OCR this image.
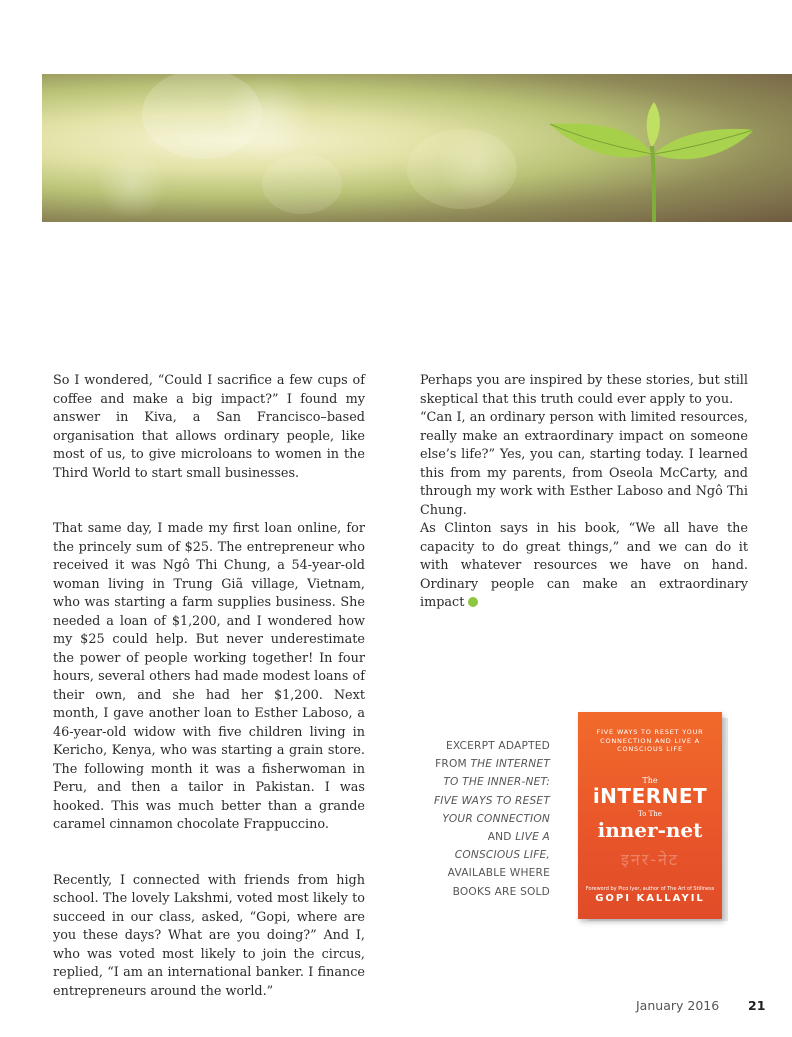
So I wondered, “Could I sacrifice a few cups of coffee and make a big impact?” I found my answer in Kiva, a San Francisco–based organisation that allows ordinary people, like most of us, to give microloans to women in the Third World to start small businesses.

That same day, I made my first loan online, for the princely sum of $25. The entrepreneur who received it was Ngô Thi Chung, a 54-year-old woman living in Trung Giã village, Vietnam, who was starting a farm supplies business. She needed a loan of $1,200, and I wondered how my $25 could help. But never underestimate the power of people working together! In four hours, several others had made modest loans of their own, and she had her $1,200. Next month, I gave another loan to Esther Laboso, a 46-year-old widow with five children living in Kericho, Kenya, who was starting a grain store. The following month it was a fisherwoman in Peru, and then a tailor in Pakistan. I was hooked. This was much better than a grande caramel cinnamon chocolate Frappuccino.

Recently, I connected with friends from high school. The lovely Lakshmi, voted most likely to succeed in our class, asked, “Gopi, where are you these days? What are you doing?” And I, who was voted most likely to join the circus, replied, “I am an international banker. I finance entrepreneurs around the world.”

Perhaps you are inspired by these stories, but still skeptical that this truth could ever apply to you.

“Can I, an ordinary person with limited resources, really make an extraordinary impact on someone else’s life?” Yes, you can, starting today. I learned this from my parents, from Oseola McCarty, and through my work with Esther Laboso and Ngô Thi Chung.

As Clinton says in his book, “We all have the capacity to do great things,” and we can do it with whatever resources we have on hand. Ordinary people can make an extraordinary impact

EXCERPT ADAPTED FROM THE INTERNET TO THE INNER-NET: FIVE WAYS TO RESET YOUR CONNECTION AND LIVE A CONSCIOUS LIFE, AVAILABLE WHERE BOOKS ARE SOLD
FIVE WAYS TO RESET YOUR CONNECTION AND LIVE A CONSCIOUS LIFE
The
iNTERNET
To The
inner-net
इनर-नेट
Foreword by Pico Iyer, author of The Art of Stillness
GOPI KALLAYIL
January 2016 21
